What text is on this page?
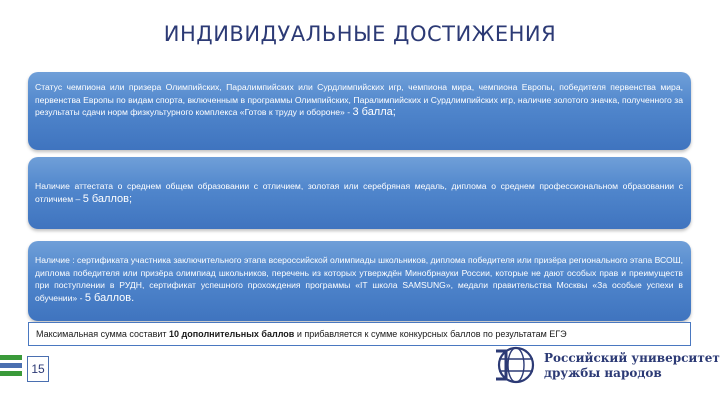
ИНДИВИДУАЛЬНЫЕ ДОСТИЖЕНИЯ

Статус чемпиона или призера Олимпийских, Паралимпийских или Сурдлимпийских игр, чемпиона мира, чемпиона Европы, победителя первенства мира, первенства Европы по видам спорта, включенным в программы Олимпийских, Паралимпийских и Сурдлимпийских игр, наличие золотого значка, полученного за результаты сдачи норм физкультурного комплекса «Готов к труду и обороне» - 3 балла;

Наличие аттестата о среднем общем образовании с отличием, золотая или серебряная медаль, диплома о среднем профессиональном образовании с отличием – 5 баллов;

Наличие : сертификата участника заключительного этапа всероссийской олимпиады школьников, диплома победителя или призёра регионального этапа ВСОШ, диплома победителя или призёра олимпиад школьников, перечень из которых утверждён Минобрнауки России, которые не дают особых прав и преимуществ при поступлении в РУДН, сертификат успешного прохождения программы «IT школа SAMSUNG», медали правительства Москвы «За особые успехи в обучении» - 5 баллов.

Максимальная сумма составит 10 дополнительных баллов и прибавляется к сумме конкурсных баллов по результатам ЕГЭ
15
Российский университет
дружбы народов
